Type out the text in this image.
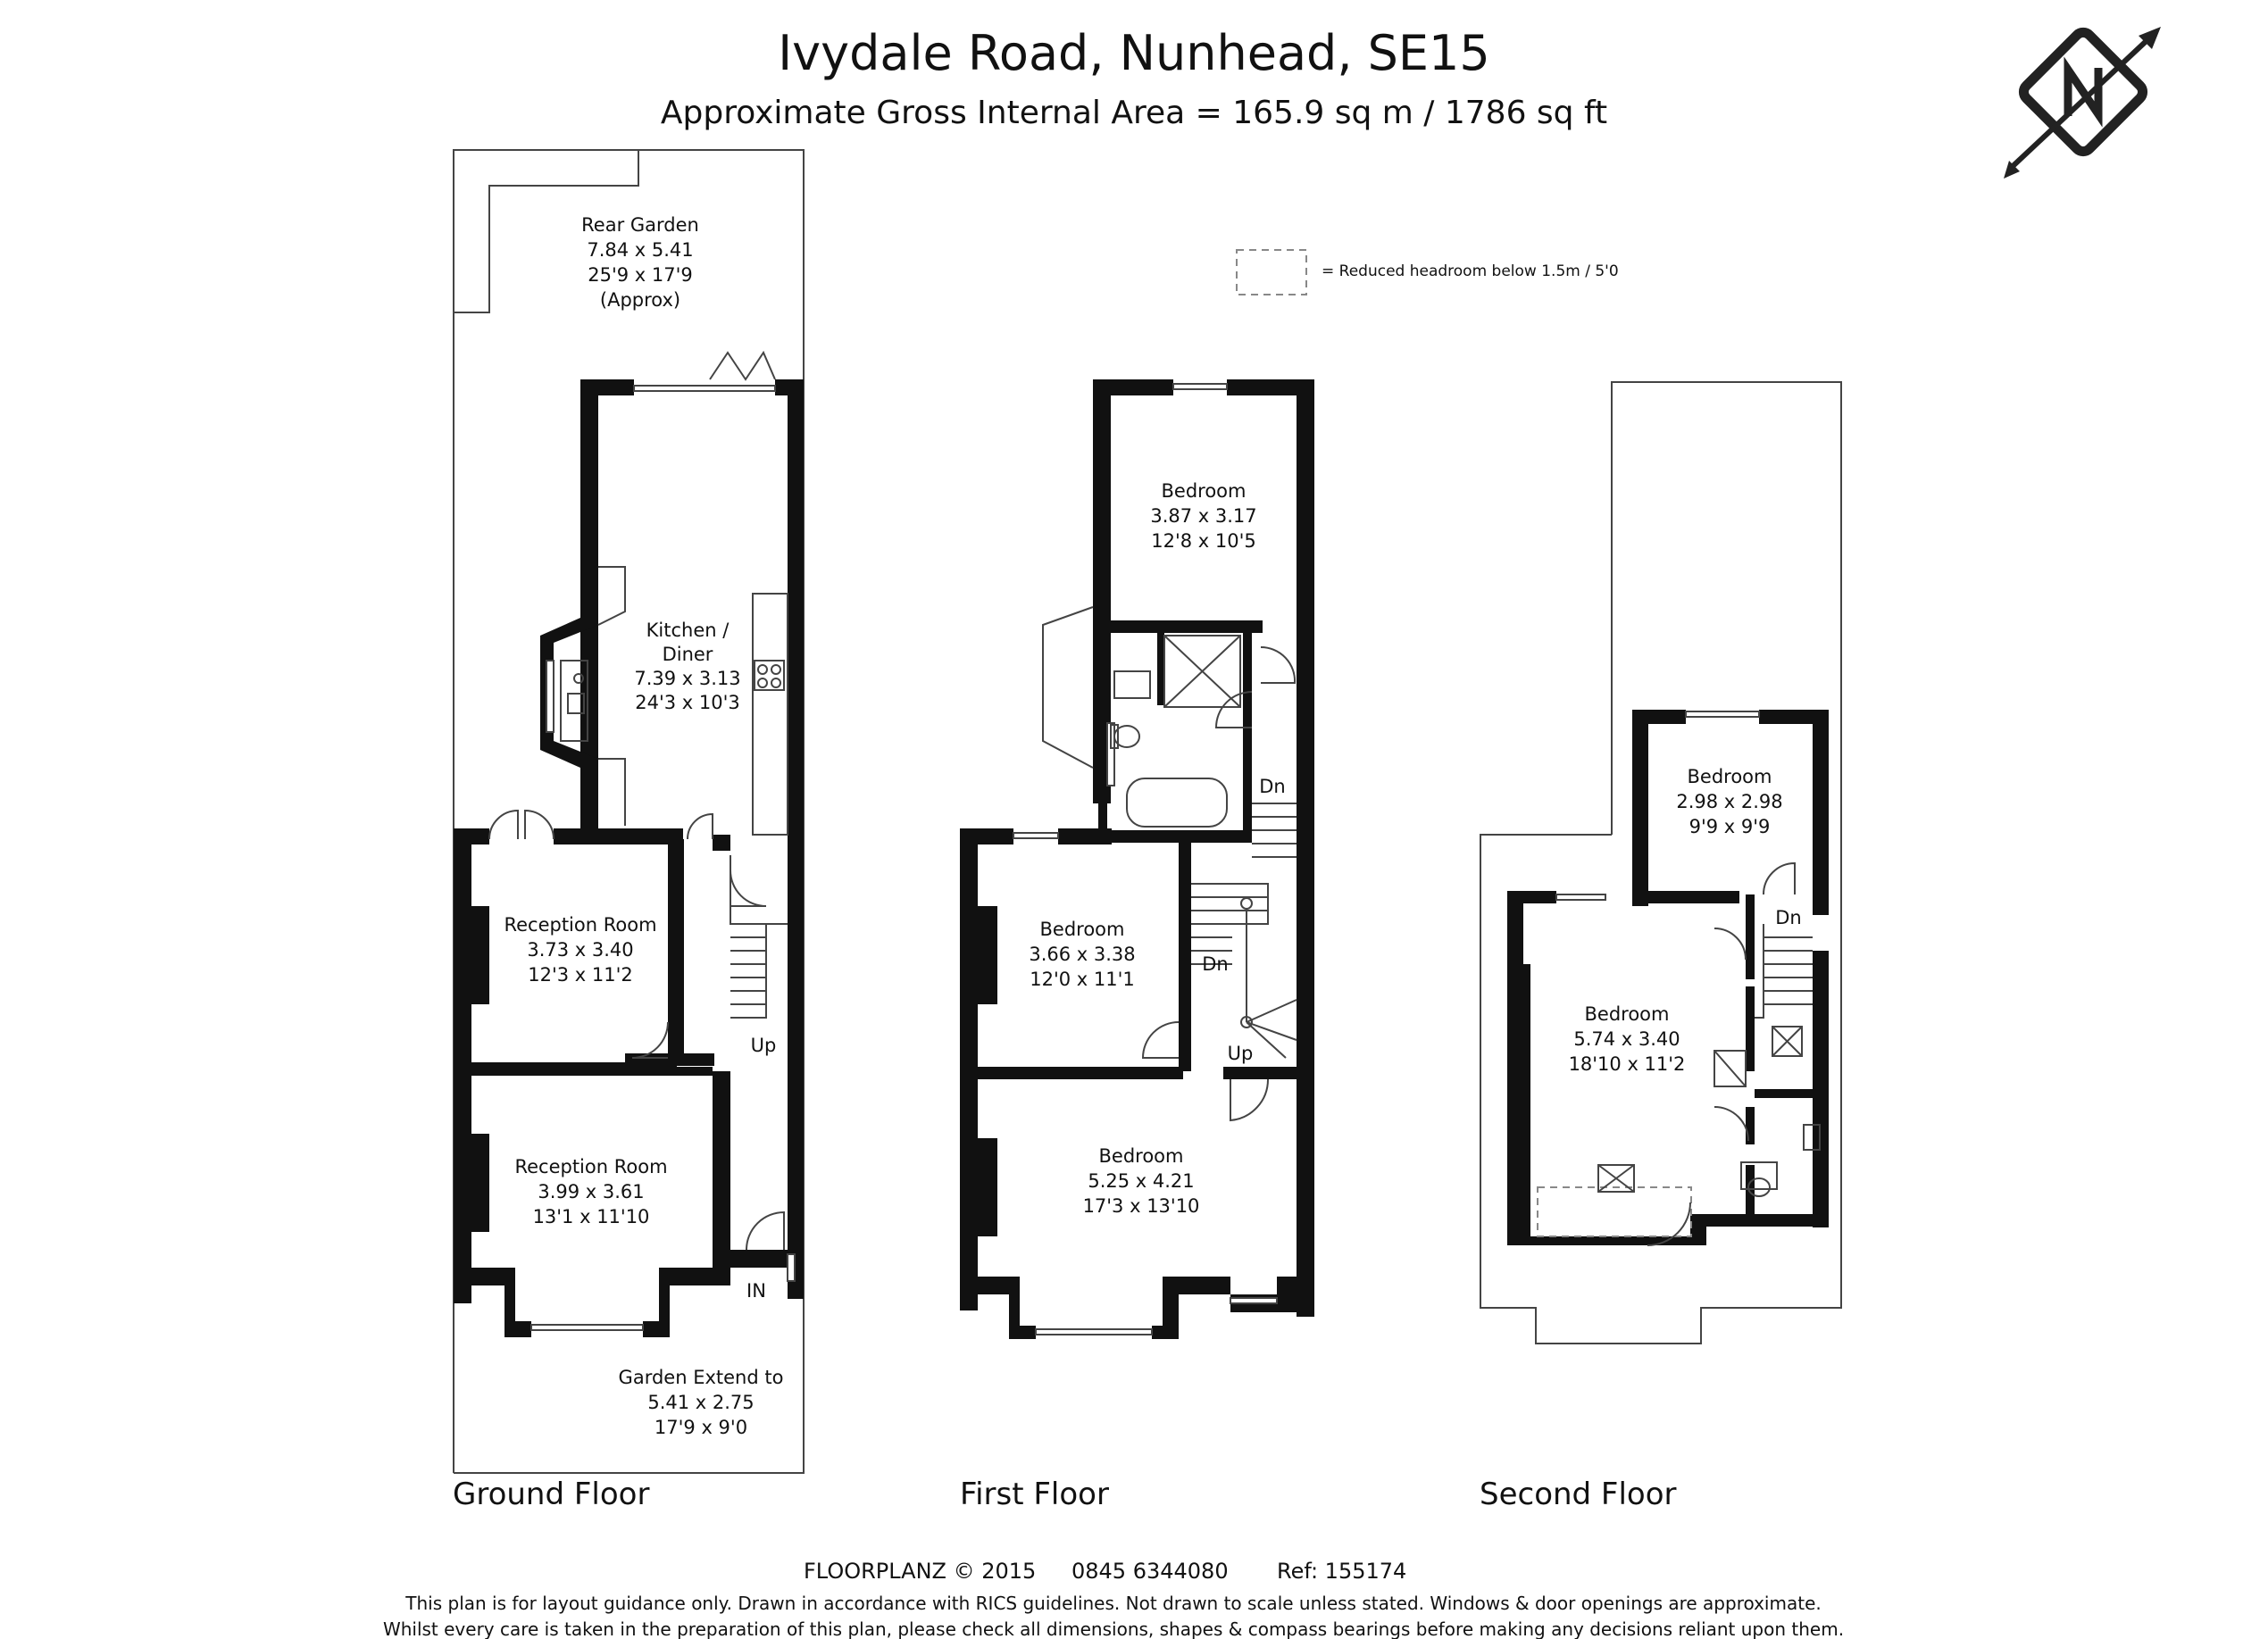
Ivydale Road, Nunhead, SE15
Approximate Gross Internal Area = 165.9 sq m / 1786 sq ft
= Reduced headroom below 1.5m / 5'0
Rear Garden
7.84 x 5.41
25'9 x 17'9
(Approx)
Kitchen /
Diner
7.39 x 3.13
24'3 x 10'3
Reception Room
3.73 x 3.40
12'3 x 11'2
Reception Room
3.99 x 3.61
13'1 x 11'10
Garden Extend to
5.41 x 2.75
17'9 x 9'0
Up
IN
Ground Floor
Bedroom
3.87 x 3.17
12'8 x 10'5
Bedroom
3.66 x 3.38
12'0 x 11'1
Bedroom
5.25 x 4.21
17'3 x 13'10
Dn
Dn
Up
First Floor
Bedroom
2.98 x 2.98
9'9 x 9'9
Bedroom
5.74 x 3.40
18'10 x 11'2
Dn
Second Floor
FLOORPLANZ © 2015 0845 6344080 Ref: 155174
This plan is for layout guidance only. Drawn in accordance with RICS guidelines. Not drawn to scale unless stated. Windows & door openings are approximate.
Whilst every care is taken in the preparation of this plan, please check all dimensions, shapes & compass bearings before making any decisions reliant upon them.
